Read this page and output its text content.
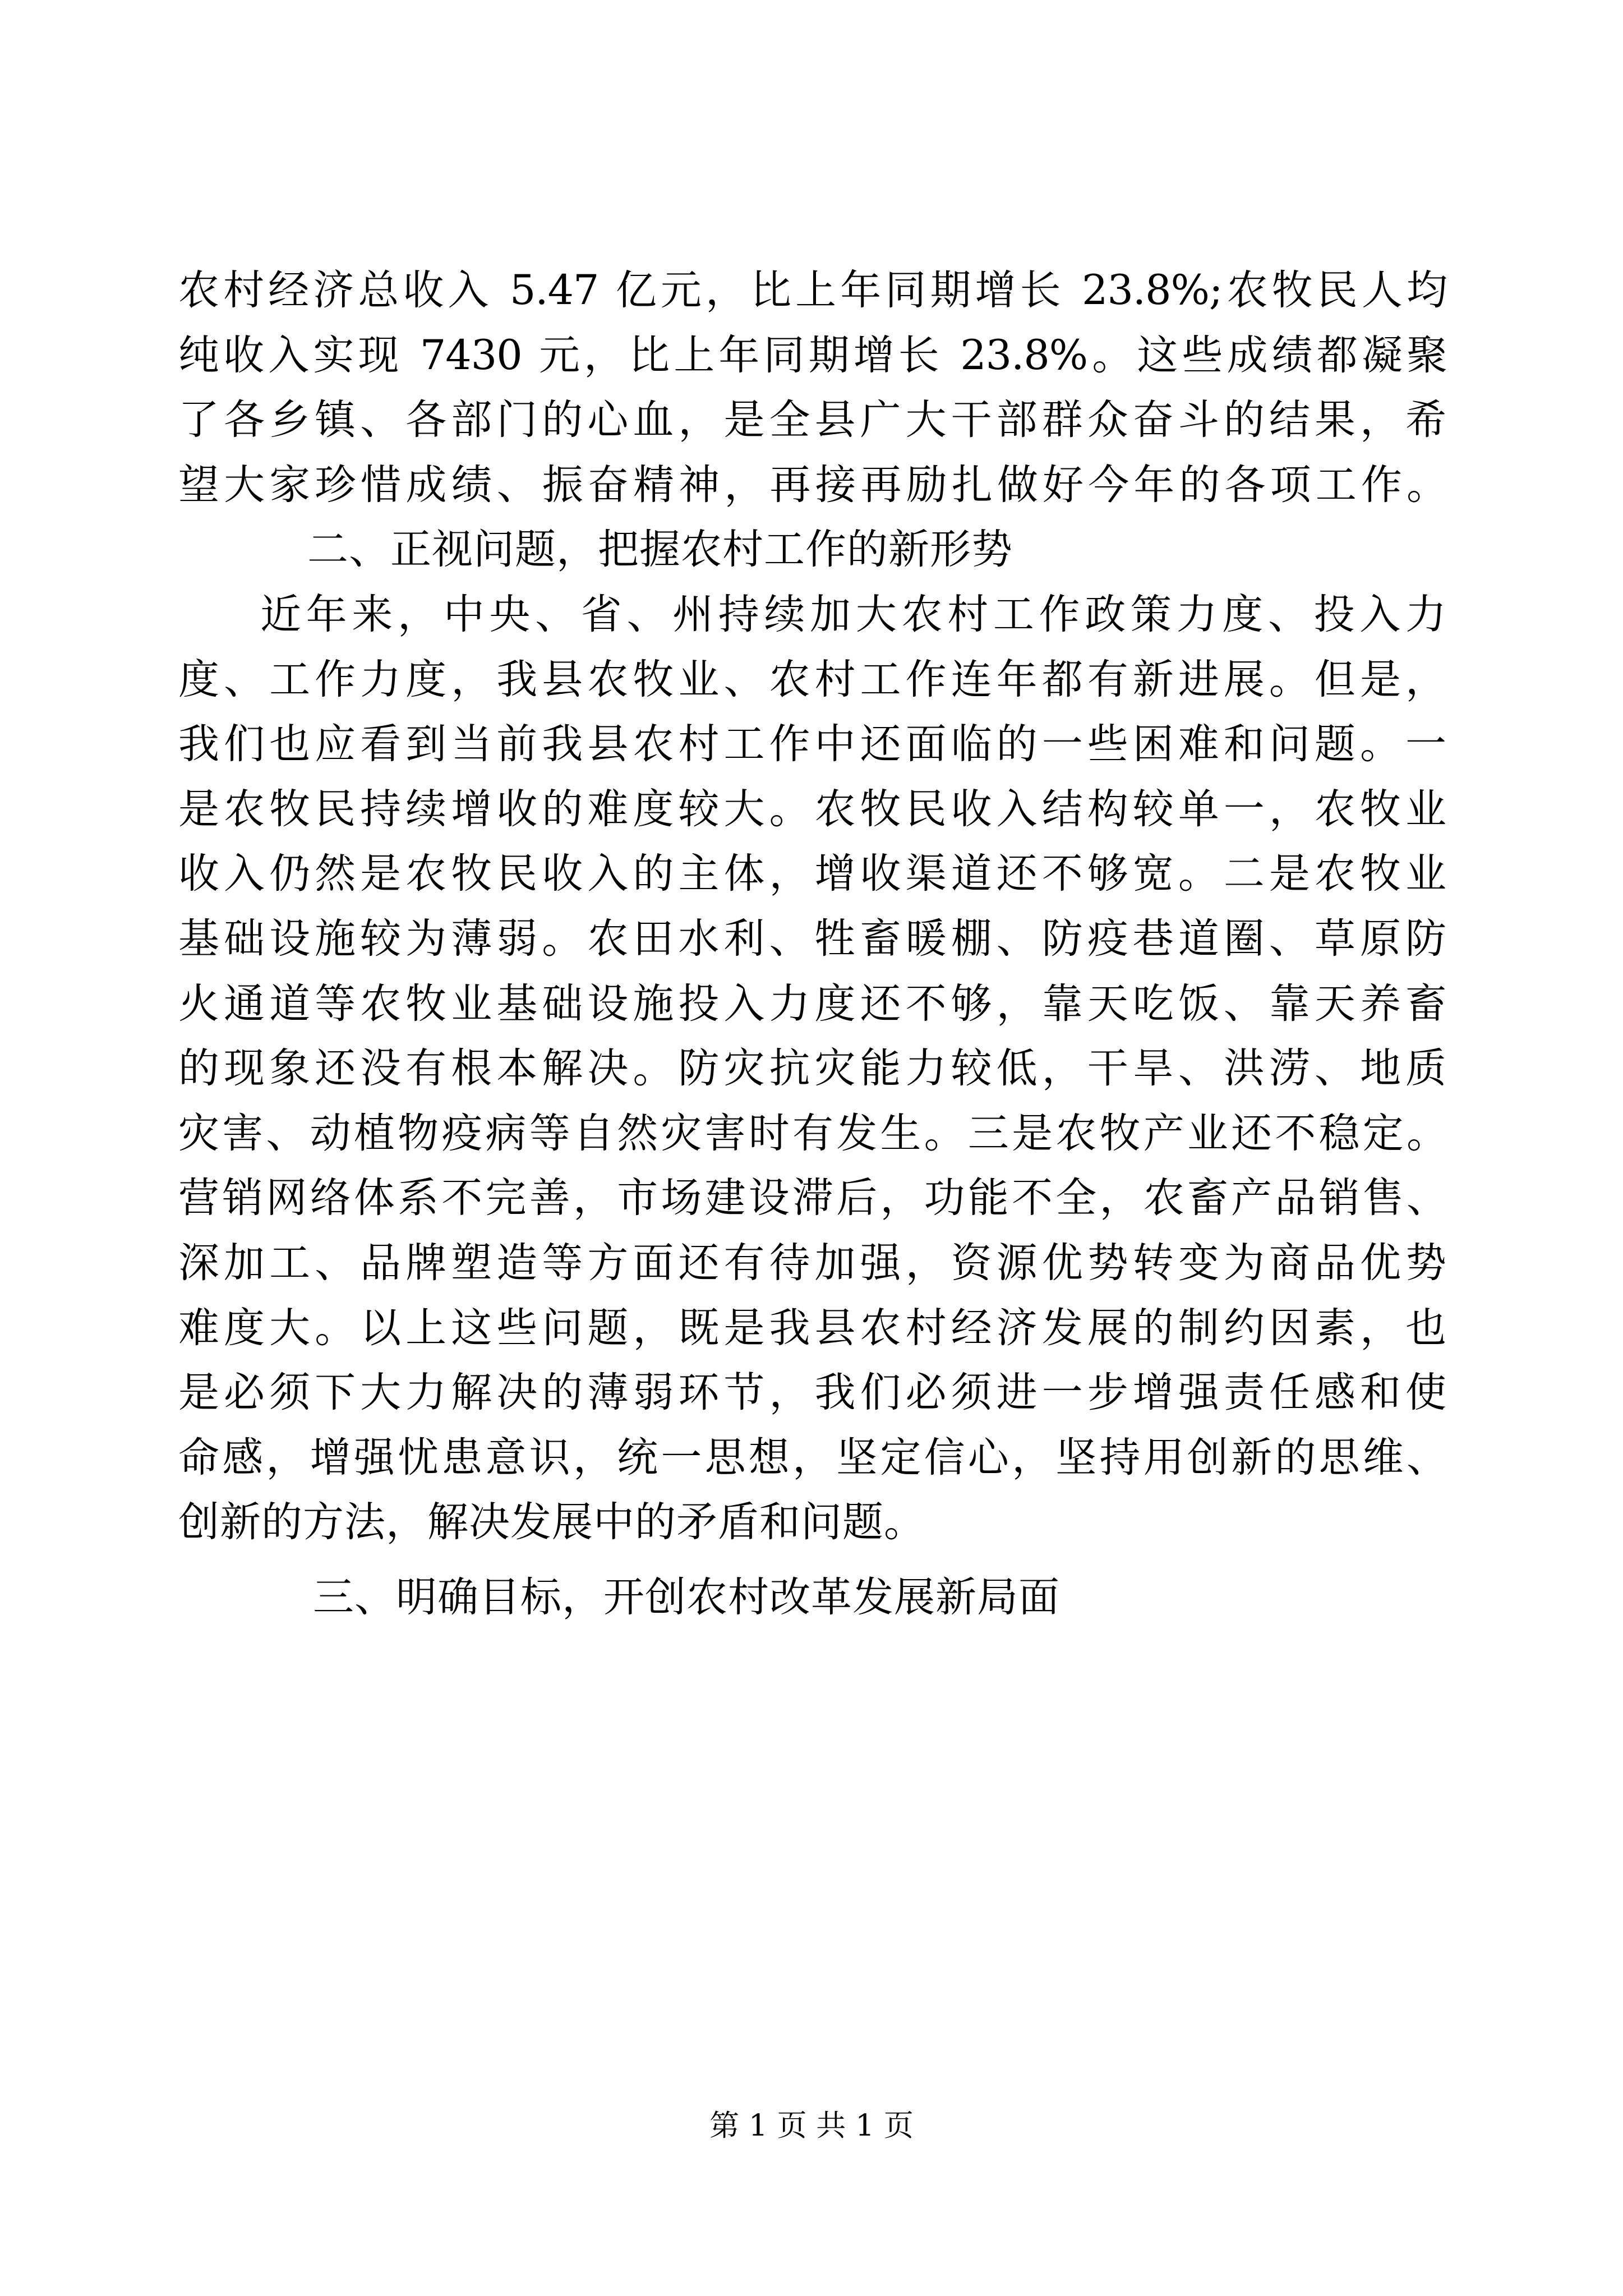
农村经济总收入 5.47 亿元，比上年同期增长 23.8%;农牧民人均
纯收入实现 7430 元，比上年同期增长 23.8%。这些成绩都凝聚
了各乡镇、各部门的心血，是全县广大干部群众奋斗的结果，希
望大家珍惜成绩、振奋精神，再接再励扎做好今年的各项工作。
二、正视问题，把握农村工作的新形势
近年来，中央、省、州持续加大农村工作政策力度、投入力
度、工作力度，我县农牧业、农村工作连年都有新进展。但是，
我们也应看到当前我县农村工作中还面临的一些困难和问题。一
是农牧民持续增收的难度较大。农牧民收入结构较单一，农牧业
收入仍然是农牧民收入的主体，增收渠道还不够宽。二是农牧业
基础设施较为薄弱。农田水利、牲畜暖棚、防疫巷道圈、草原防
火通道等农牧业基础设施投入力度还不够，靠天吃饭、靠天养畜
的现象还没有根本解决。防灾抗灾能力较低，干旱、洪涝、地质
灾害、动植物疫病等自然灾害时有发生。三是农牧产业还不稳定。
营销网络体系不完善，市场建设滞后，功能不全，农畜产品销售、
深加工、品牌塑造等方面还有待加强，资源优势转变为商品优势
难度大。以上这些问题，既是我县农村经济发展的制约因素，也
是必须下大力解决的薄弱环节，我们必须进一步增强责任感和使
命感，增强忧患意识，统一思想，坚定信心，坚持用创新的思维、
创新的方法，解决发展中的矛盾和问题。
三、明确目标，开创农村改革发展新局面
第 1 页 共 1 页
